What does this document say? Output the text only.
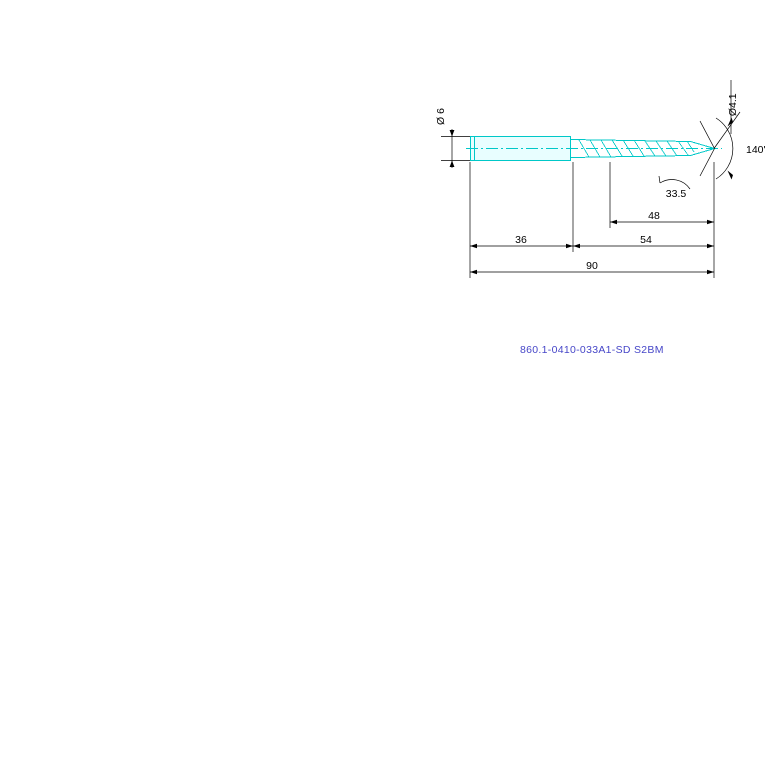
Ø 6
4.1
Ø
140'
33.5
48
54
36
90
860.1-0410-033A1-SD S2BM
